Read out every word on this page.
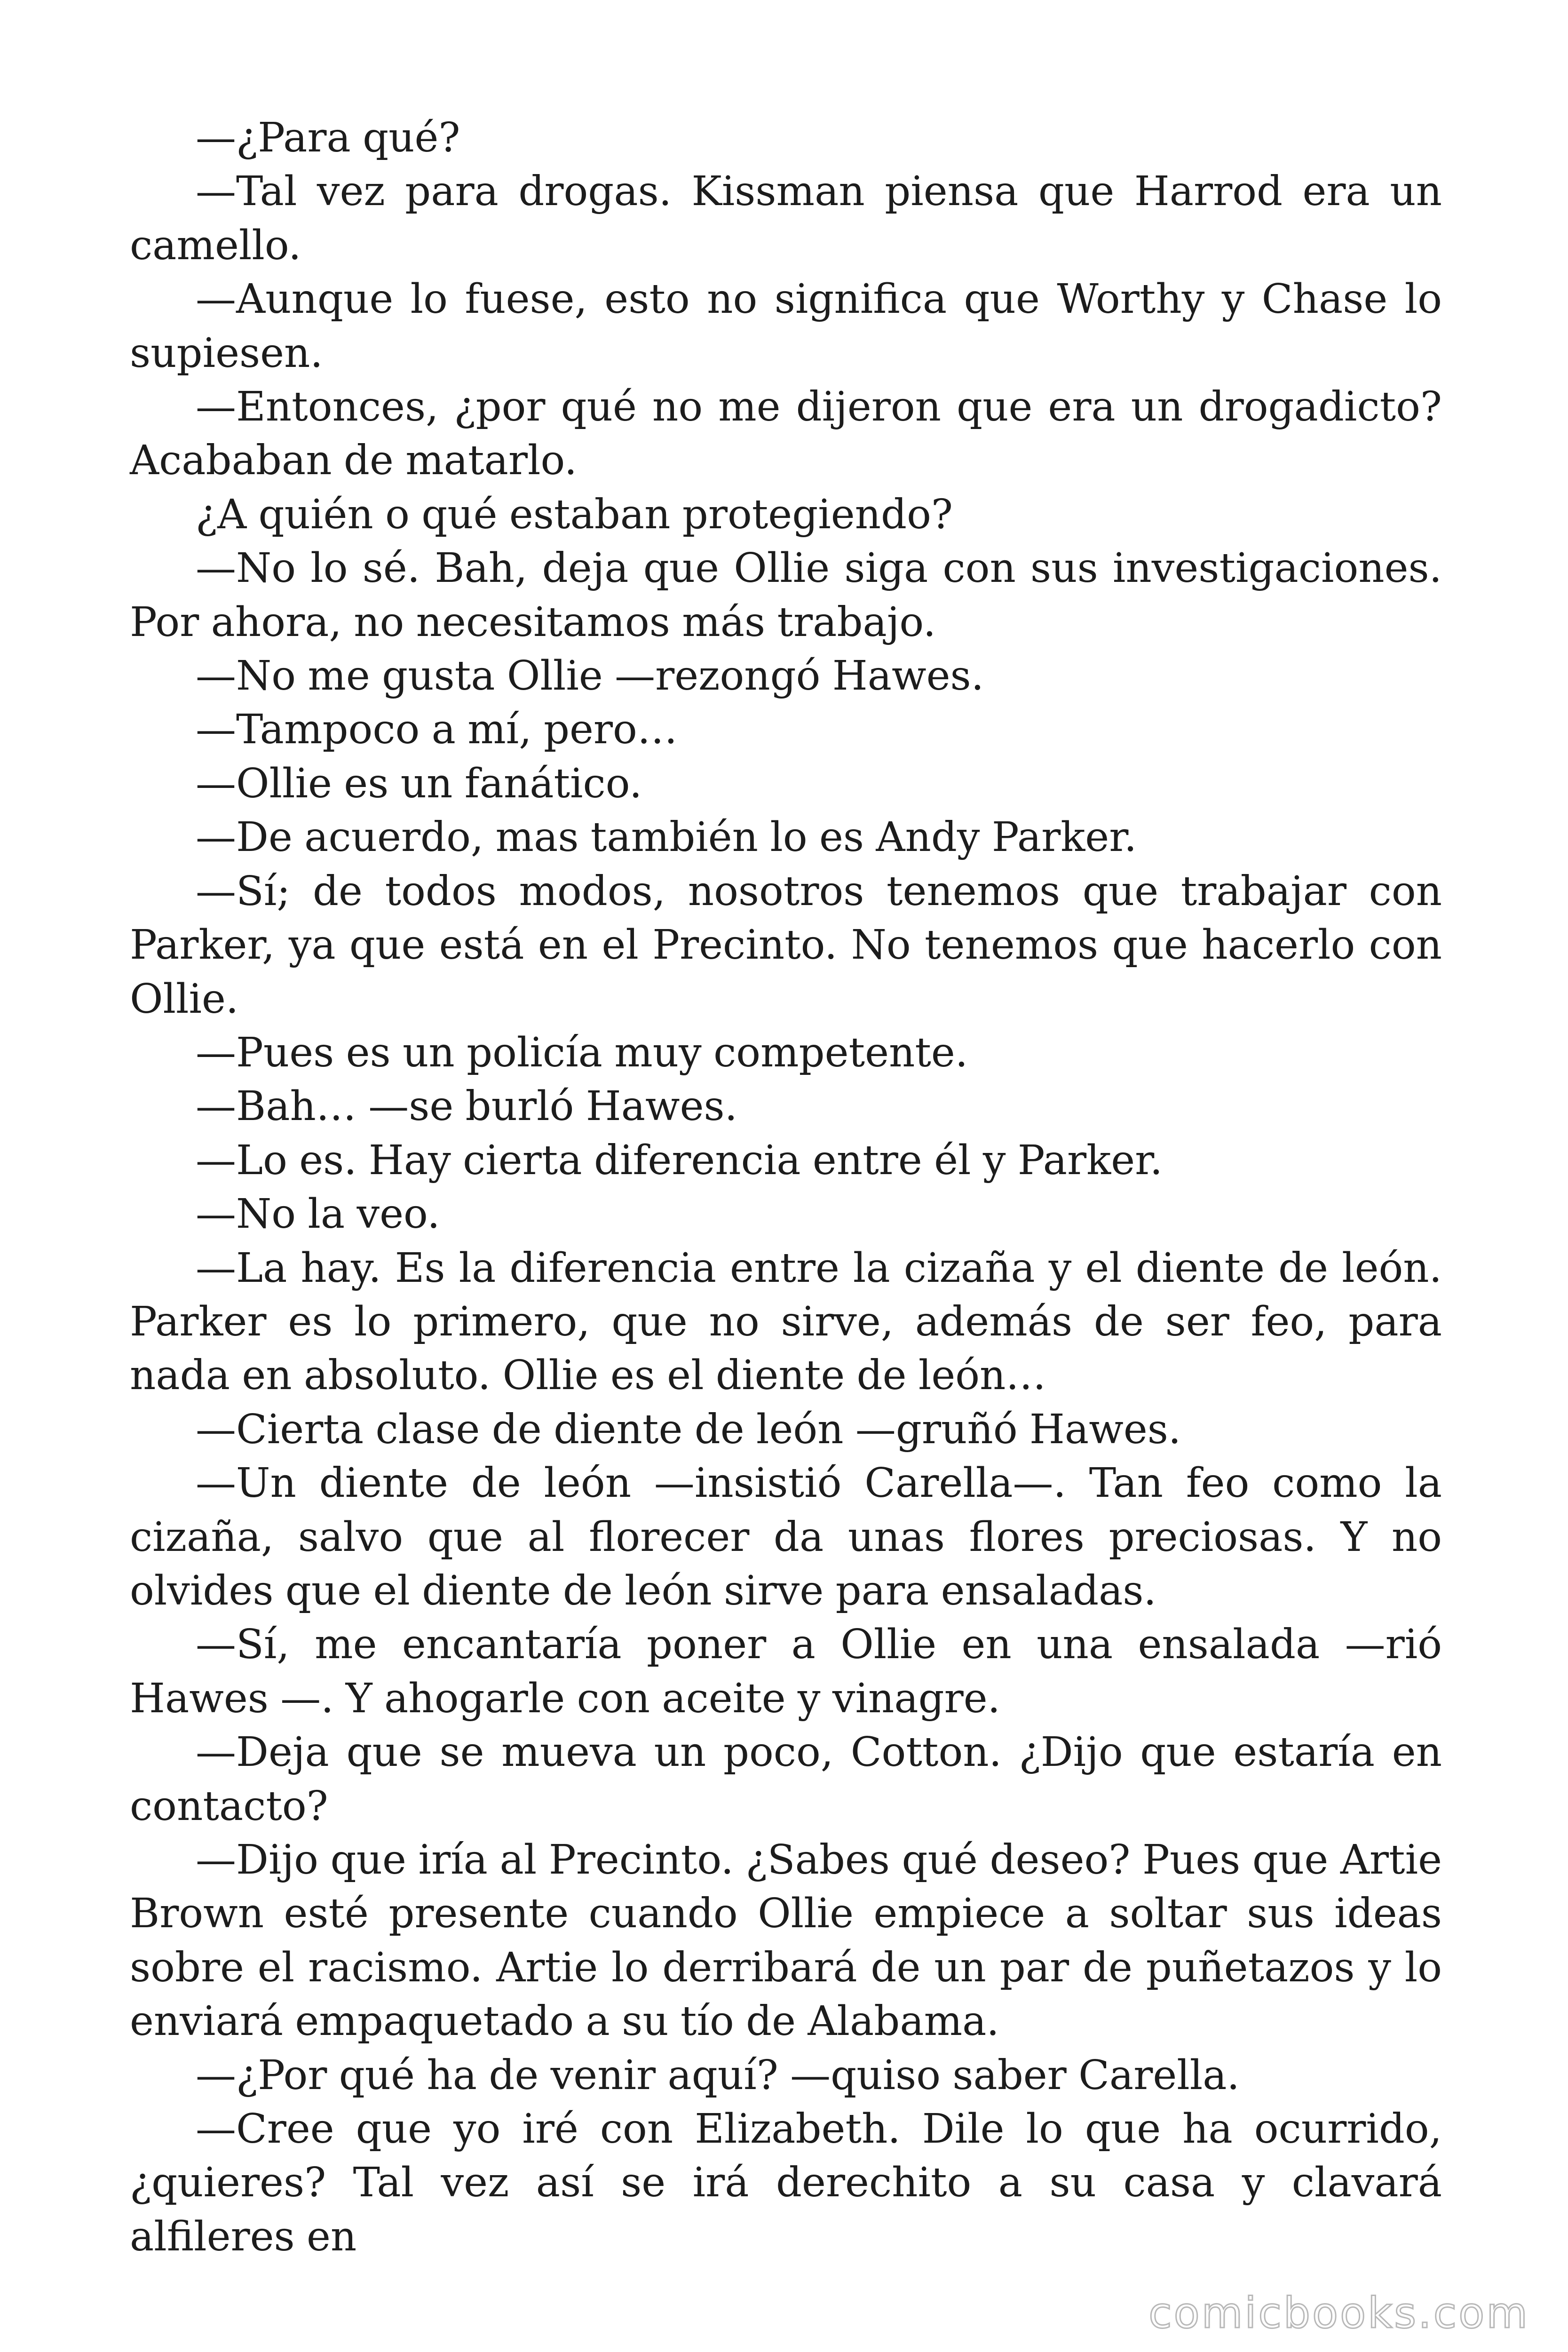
—¿Para qué?

—Tal vez para drogas. Kissman piensa que Harrod era un camello.

—Aunque lo fuese, esto no significa que Worthy y Chase lo supiesen.

—Entonces, ¿por qué no me dijeron que era un drogadicto? Acababan de matarlo.

¿A quién o qué estaban protegiendo?

—No lo sé. Bah, deja que Ollie siga con sus investigaciones. Por ahora, no necesitamos más trabajo.

—No me gusta Ollie —rezongó Hawes.

—Tampoco a mí, pero…

—Ollie es un fanático.

—De acuerdo, mas también lo es Andy Parker.

—Sí; de todos modos, nosotros tenemos que trabajar con Parker, ya que está en el Precinto. No tenemos que hacerlo con Ollie.

—Pues es un policía muy competente.

—Bah… —se burló Hawes.

—Lo es. Hay cierta diferencia entre él y Parker.

—No la veo.

—La hay. Es la diferencia entre la cizaña y el diente de león. Parker es lo primero, que no sirve, además de ser feo, para nada en absoluto. Ollie es el diente de león…

—Cierta clase de diente de león —gruñó Hawes.

—Un diente de león —insistió Carella—. Tan feo como la cizaña, salvo que al florecer da unas flores preciosas. Y no olvides que el diente de león sirve para ensaladas.

—Sí, me encantaría poner a Ollie en una ensalada —rió Hawes —. Y ahogarle con aceite y vinagre.

—Deja que se mueva un poco, Cotton. ¿Dijo que estaría en contacto?

—Dijo que iría al Precinto. ¿Sabes qué deseo? Pues que Artie Brown esté presente cuando Ollie empiece a soltar sus ideas sobre el racismo. Artie lo derribará de un par de puñetazos y lo enviará empaquetado a su tío de Alabama.

—¿Por qué ha de venir aquí? —quiso saber Carella.

—Cree que yo iré con Elizabeth. Dile lo que ha ocurrido, ¿quieres? Tal vez así se irá derechito a su casa y clavará alfileres en

comicbooks.com
